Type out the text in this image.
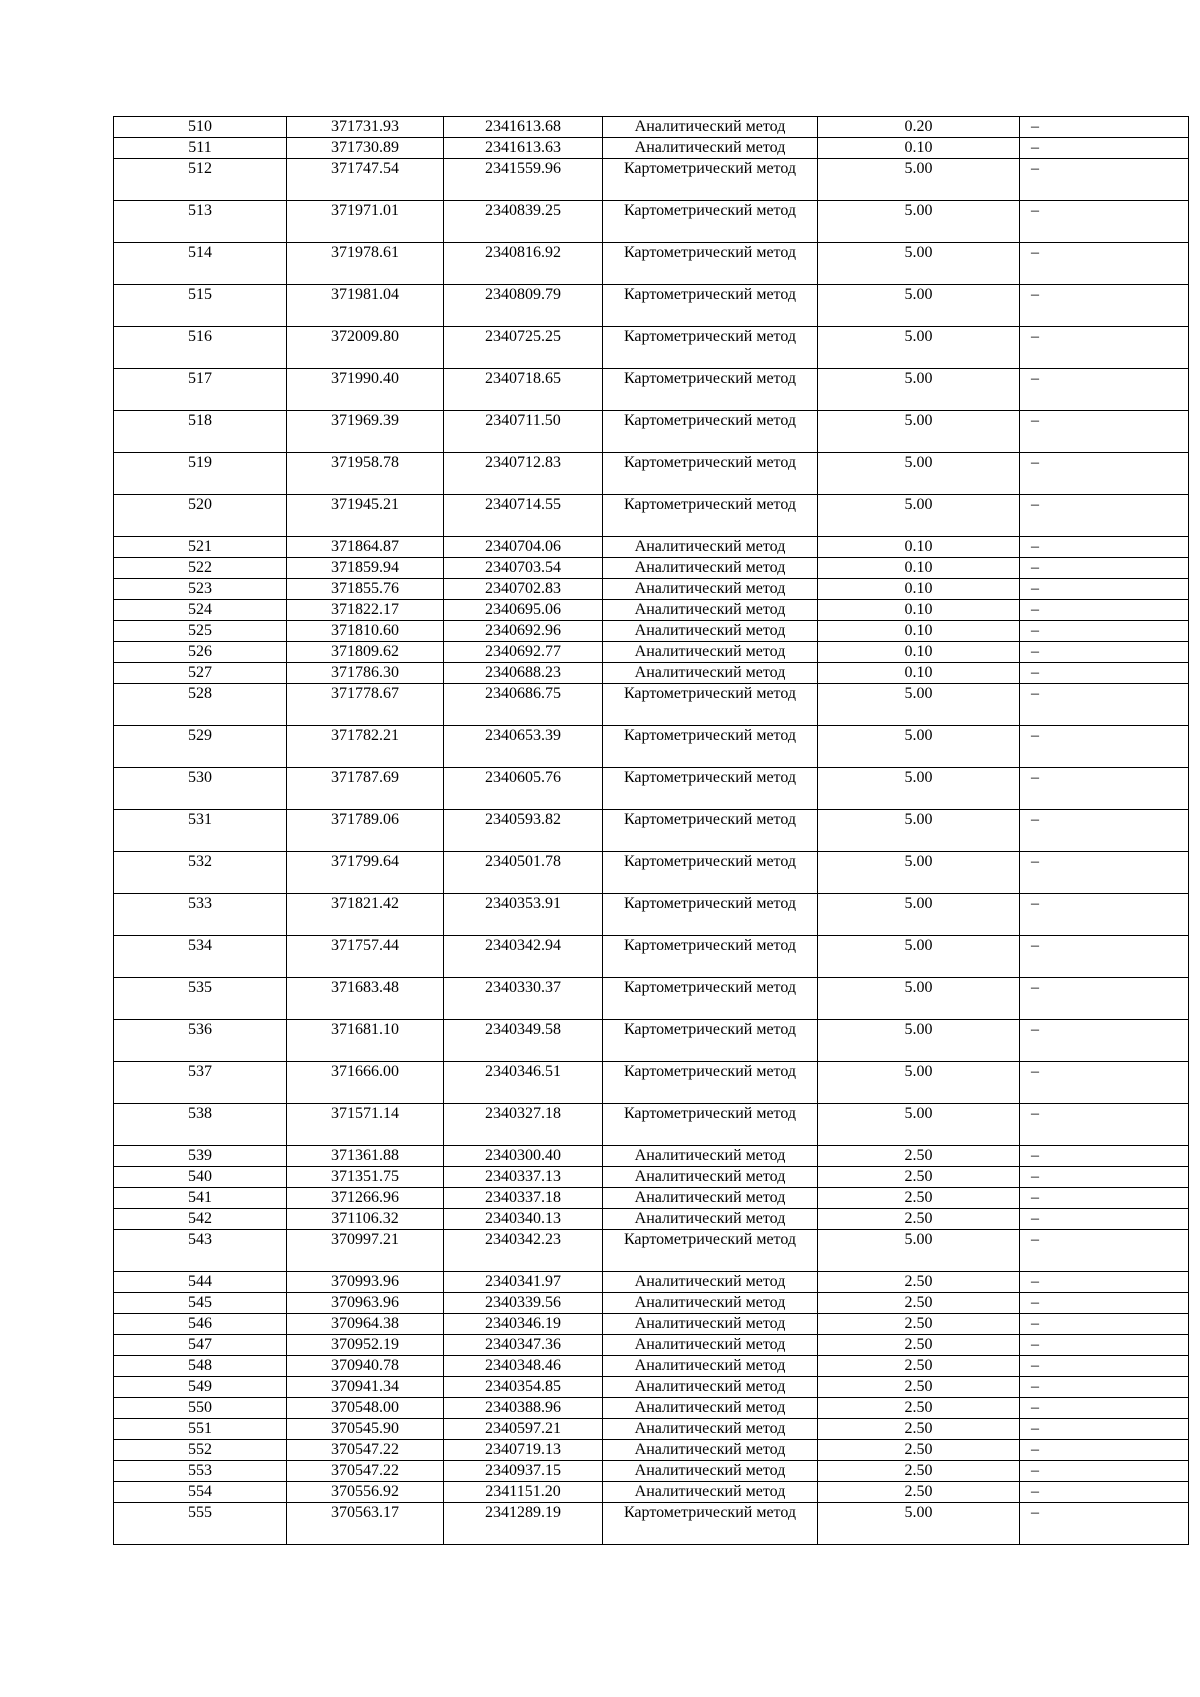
510	371731.93	2341613.68	Аналитический метод	0.20	–
511	371730.89	2341613.63	Аналитический метод	0.10	–
512	371747.54	2341559.96	Картометрический метод	5.00	–
513	371971.01	2340839.25	Картометрический метод	5.00	–
514	371978.61	2340816.92	Картометрический метод	5.00	–
515	371981.04	2340809.79	Картометрический метод	5.00	–
516	372009.80	2340725.25	Картометрический метод	5.00	–
517	371990.40	2340718.65	Картометрический метод	5.00	–
518	371969.39	2340711.50	Картометрический метод	5.00	–
519	371958.78	2340712.83	Картометрический метод	5.00	–
520	371945.21	2340714.55	Картометрический метод	5.00	–
521	371864.87	2340704.06	Аналитический метод	0.10	–
522	371859.94	2340703.54	Аналитический метод	0.10	–
523	371855.76	2340702.83	Аналитический метод	0.10	–
524	371822.17	2340695.06	Аналитический метод	0.10	–
525	371810.60	2340692.96	Аналитический метод	0.10	–
526	371809.62	2340692.77	Аналитический метод	0.10	–
527	371786.30	2340688.23	Аналитический метод	0.10	–
528	371778.67	2340686.75	Картометрический метод	5.00	–
529	371782.21	2340653.39	Картометрический метод	5.00	–
530	371787.69	2340605.76	Картометрический метод	5.00	–
531	371789.06	2340593.82	Картометрический метод	5.00	–
532	371799.64	2340501.78	Картометрический метод	5.00	–
533	371821.42	2340353.91	Картометрический метод	5.00	–
534	371757.44	2340342.94	Картометрический метод	5.00	–
535	371683.48	2340330.37	Картометрический метод	5.00	–
536	371681.10	2340349.58	Картометрический метод	5.00	–
537	371666.00	2340346.51	Картометрический метод	5.00	–
538	371571.14	2340327.18	Картометрический метод	5.00	–
539	371361.88	2340300.40	Аналитический метод	2.50	–
540	371351.75	2340337.13	Аналитический метод	2.50	–
541	371266.96	2340337.18	Аналитический метод	2.50	–
542	371106.32	2340340.13	Аналитический метод	2.50	–
543	370997.21	2340342.23	Картометрический метод	5.00	–
544	370993.96	2340341.97	Аналитический метод	2.50	–
545	370963.96	2340339.56	Аналитический метод	2.50	–
546	370964.38	2340346.19	Аналитический метод	2.50	–
547	370952.19	2340347.36	Аналитический метод	2.50	–
548	370940.78	2340348.46	Аналитический метод	2.50	–
549	370941.34	2340354.85	Аналитический метод	2.50	–
550	370548.00	2340388.96	Аналитический метод	2.50	–
551	370545.90	2340597.21	Аналитический метод	2.50	–
552	370547.22	2340719.13	Аналитический метод	2.50	–
553	370547.22	2340937.15	Аналитический метод	2.50	–
554	370556.92	2341151.20	Аналитический метод	2.50	–
555	370563.17	2341289.19	Картометрический метод	5.00	–
